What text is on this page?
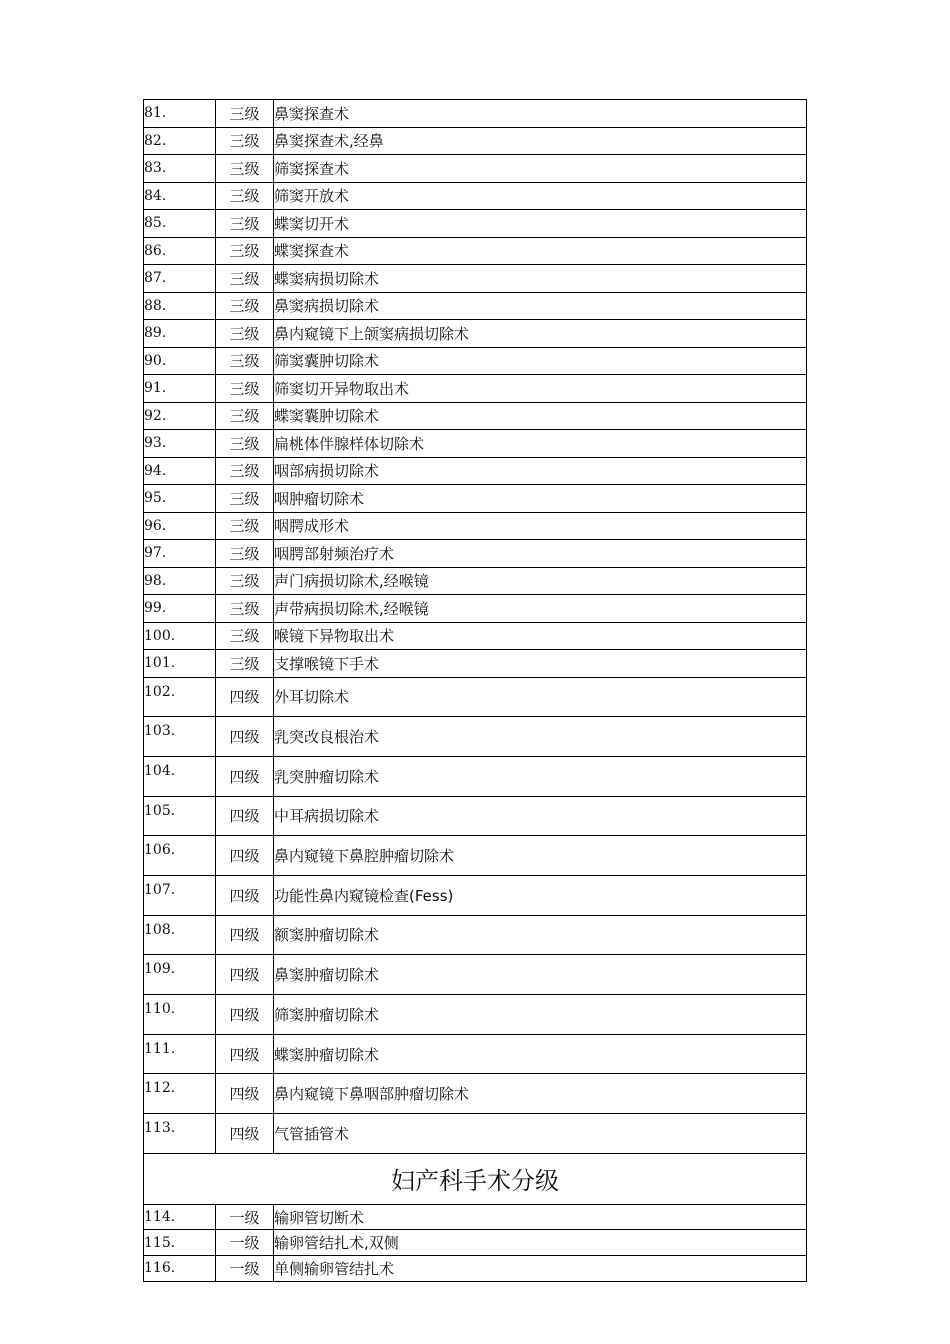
81.	三级	鼻窦探查术
82.	三级	鼻窦探查术,经鼻
83.	三级	筛窦探查术
84.	三级	筛窦开放术
85.	三级	蝶窦切开术
86.	三级	蝶窦探查术
87.	三级	蝶窦病损切除术
88.	三级	鼻窦病损切除术
89.	三级	鼻内窥镜下上颌窦病损切除术
90.	三级	筛窦囊肿切除术
91.	三级	筛窦切开异物取出术
92.	三级	蝶窦囊肿切除术
93.	三级	扁桃体伴腺样体切除术
94.	三级	咽部病损切除术
95.	三级	咽肿瘤切除术
96.	三级	咽腭成形术
97.	三级	咽腭部射频治疗术
98.	三级	声门病损切除术,经喉镜
99.	三级	声带病损切除术,经喉镜
100.	三级	喉镜下异物取出术
101.	三级	支撑喉镜下手术
102.	四级	外耳切除术
103.	四级	乳突改良根治术
104.	四级	乳突肿瘤切除术
105.	四级	中耳病损切除术
106.	四级	鼻内窥镜下鼻腔肿瘤切除术
107.	四级	功能性鼻内窥镜检查(Fess)
108.	四级	额窦肿瘤切除术
109.	四级	鼻窦肿瘤切除术
110.	四级	筛窦肿瘤切除术
111.	四级	蝶窦肿瘤切除术
112.	四级	鼻内窥镜下鼻咽部肿瘤切除术
113.	四级	气管插管术
妇产科手术分级		
114.	一级	输卵管切断术
115.	一级	输卵管结扎术,双侧
116.	一级	单侧输卵管结扎术
